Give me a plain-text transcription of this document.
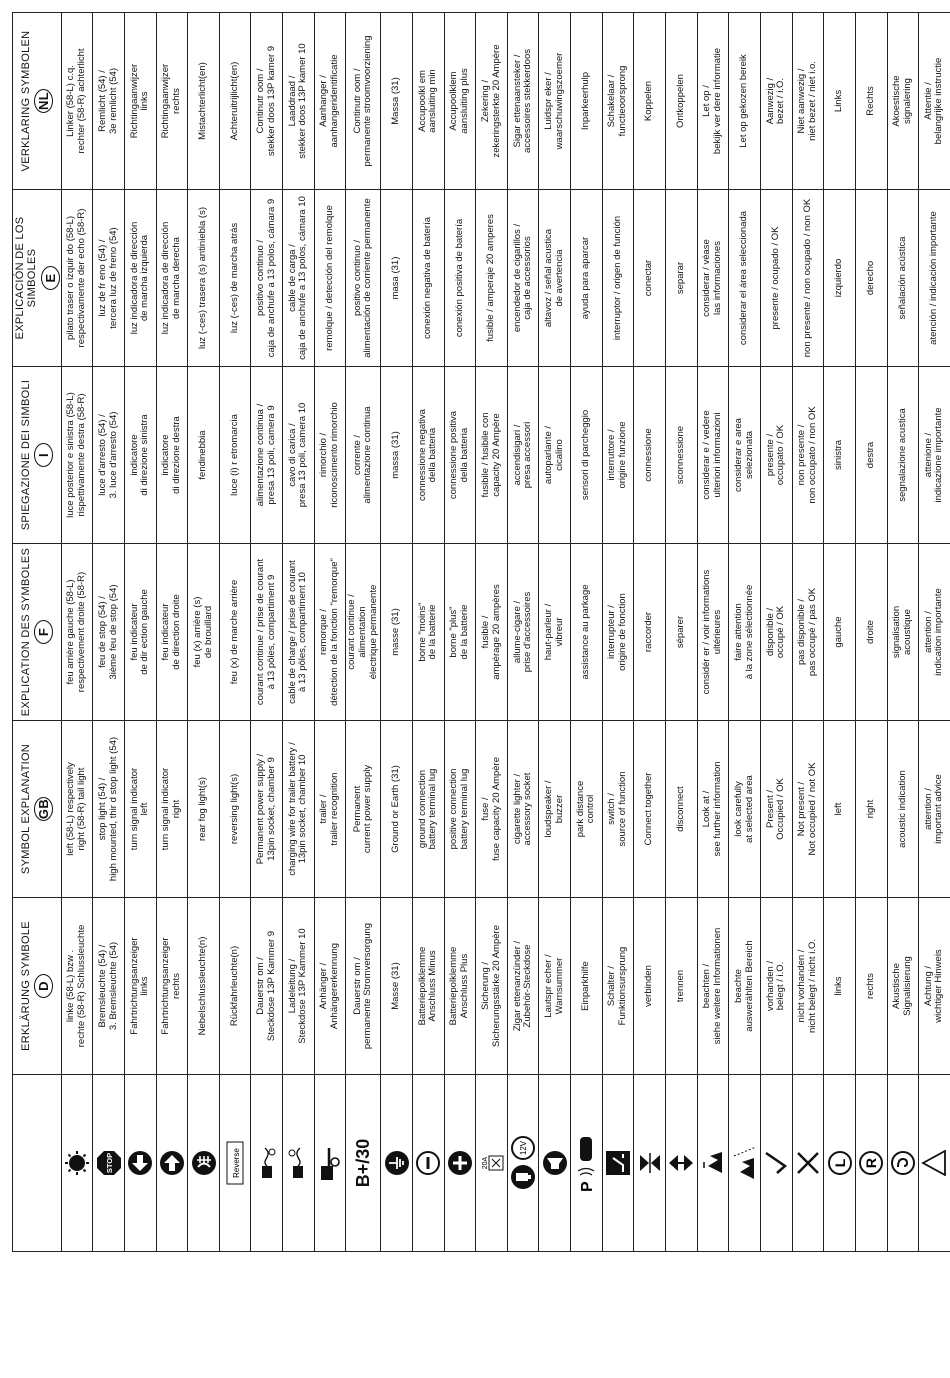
	ERKLÄRUNG SYMBOLE D	SYMBOL EXPLANATION GB	EXPLICATION DES SYMBOLES F	SPIEGAZIONE DEI SIMBOLI I	EXPLICACIÓN DE LOS SIMBOLES E	VERKLARING SYMBOLEN NL

	linke (58-L) bzw .
rechte (58-R) Schlussleuchte	left (58-L) respectively
right (58-R) tail light	feu arrière gauche (58-L)
respectivement droite (58-R)	luce posterior e sinistra (58-L)
rispettivamente destra (58-R)	pilato traser o izquir do (58-L)
respectivamente der echo (58-R)	Linker (58-L) c.q.
rechter (58-R) achterlicht

STOP	Bremsleuchte (54) /
3. Bremsleuchte (54)	stop light (54) /
high mounted, thir d stop light (54)	feu de stop (54) /
3ième feu de stop (54)	luce d'arresto (54) /
3. luce d'arresto (54)	luz de fr eno (54) /
tercera luz de freno (54)	Remlicht (54) /
3e remlicht (54)

	Fahrtrichtungsanzeiger
links	turn signal indicator
left	feu indicateur
de dir ection gauche	indicatore
di direzione sinistra	luz indicadora de dirección
de marcha izquierda	Richtingaanwijzer
links

	Fahrtrichtungsanzeiger
rechts	turn signal indicator
right	feu indicateur
de direction droite	indicatore
di direzione destra	luz indicadora de dirección
de marcha derecha	Richtingaanwijzer
rechts

	Nebelschlussleuchte(n)	rear fog light(s)	feu (x) arrière (s)
de brouillard	fendinebbia	luz (-ces) trasera (s) antiniebla (s)	Mistachterlicht(en)

Reverse	Rückfahrleuchte(n)	reversing light(s)	feu (x) de marche arrière	luce (i) r etromarcia	luz (-ces) de marcha atrás	Achteruitrijlicht(en)

	Dauerstr om /
Steckdose 13P Kammer 9	Permanent power supply /
13pin socket, chamber 9	courant continue / prise de courant
à 13 pôles, compartiment 9	alimentazione continua /
presa 13 poli, camera 9	positivo continuo /
caja de anchufe a 13 polos, cámara 9	Continutr oom /
stekker doos 13P kamer 9

	Ladeleitung /
Steckdose 13P Kammer 10	charging wire for trailer battery /
13pin socket, chamber 10	cable de charge / prise de courant
à 13 pôles, compartiment 10	cavo di carica /
presa 13 poli, camera 10	cable de carga /
caja de anchufe a 13 polos, cámara 10	Laaddraad /
stekker doos 13P kamer 10

	Anhänger /
Anhängererkennung	trailer /
trailer recognition	remorque /
détection de la fonction "remorque"	rimorchio /
riconoscimento rimorchio	remolque / detección del remolque	Aanhanger /
aanhangeridentificatie

B+/30	Dauerstr om /
permanente Stromversorgung	Permanent
current power supply	courant continue /
alimentation
électrique permanente	corrente /
alimentazione continua	positivo continuo /
alimentación de corriente permanente	Continutr oom /
permanente stroomvoorziening

	Masse (31)	Ground or Earth (31)	masse (31)	massa (31)	masa (31)	Massa (31)

	Batteriepolklemme
Anschluss Minus	ground connection
battery terminal lug	borne "moins"
de la batterie	connessione negativa
della batteria	conexión negativa de batería	Accupoolkl em
aansluiting min

	Batteriepolklemme
Anschluss Plus	positive connection
battery terminal lug	borne "plus"
de la batterie	connessione positiva
della batteria	conexión positiva de batería	Accupoolklem
aansluiting plus

20A	Sicherung /
Sicherungsstärke 20 Ampère	fuse /
fuse capacity 20 Ampère	fusible /
ampérage 20 ampères	fusibile / fusibile con
capacity 20 Ampère	fusible / amperaje 20 amperes	Zekering /
zekeringsterkte 20 Ampère

12V	Zigar ettenanzünder /
Zubehör-Steckdose	cigarette lighter /
accessory socket	allume-cigare /
prise d'accessoires	accendisigari /
presa accessori	encendedor de cigarillos /
caja de accessorios	Sigar ettenaansteker /
accessoires stekkerdoos

	Lautspr echer /
Warnsummer	loudspeaker /
buzzer	haut-parleur /
vibreur	autoparlante /
cicalino	altavoz / señal acustica
de avertencia	Luidspr eker /
waarschuwingszoemer

P	Einparkhilfe	park distance
control	assistance au parkage	sensori di parcheggio	ayuda para aparcar	Inparkeerhulp

	Schalter /
Funktionsursprung	switch /
source of function	interrupteur /
origine de fonction	interruttore /
origine funzione	interruptor / origen de función	Schakelaar /
functieoorsprong

	verbinden	Connect together	raccorder	connessione	conectar	Koppelen

	trennen	disconnect	séparer	sconnessione	separar	Ontkoppelen

	beachten /
siehe weitere Informationen	Look at /
see further information	considér er / voir informations
ultérieures	considerar e / vedere
ulteriori informazioni	considerar / véase
las informaciones	Let op /
bekijk ver dere informatie

	beachte
auswerählten Bereich	look carefully
at selected area	faire attention
à la zone sélectionnée	considerar e area
selezionata	considerar el área seleccionada	Let op gekozen bereik

	vorhanden /
belegt / i.O.	Present /
Occupied / OK	disponible /
occupé / OK	presente /
occupato / OK	presente / ocupado / OK	Aanwezig /
bezet / i.O.

	nicht vorhanden /
nicht belegt / nicht i.O.	Not present /
Not occupied / not OK	pas disponible /
pas occupé / pas OK	non presente /
non occupato / non OK	non presente / non ocupado / non OK	Niet aanwezig /
niet bezet / niet i.o.

L	links	left	gauche	sinistra	izquierdo	Links

R	rechts	right	droite	destra	derecho	Rechts

	Akustische
Signalisierung	acoustic indication	signalisation
acoustique	segnalazione acustica	señalación acústica	Akoestische
signalering

	Achtung /
wichtiger Hinweis	attention /
important advice	attention /
indication importante	attenione /
indicazione importante	atención / indicación importante	Attentie /
belangrijke instructie
